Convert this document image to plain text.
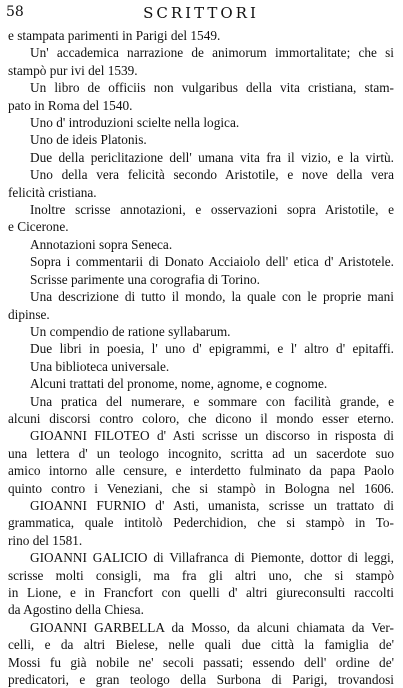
58	SCRITTORI
e stampata parimenti in Parigi del 1549.
Un' accademica narrazione de animorum immortalitate; che si
stampò pur ivi del 1539.
Un libro de officiis non vulgaribus della vita cristiana, stam-
pato in Roma del 1540.
Uno d' introduzioni scielte nella logica.
Uno de ideis Platonis.
Due della periclitazione dell' umana vita fra il vizio, e la virtù.
Uno della vera felicità secondo Aristotile, e nove della vera
felicità cristiana.
Inoltre scrisse annotazioni, e osservazioni sopra Aristotile, e
e Cicerone.
Annotazioni sopra Seneca.
Sopra i commentarii di Donato Acciaiolo dell' etica d' Aristotele.
Scrisse parimente una corografia di Torino.
Una descrizione di tutto il mondo, la quale con le proprie mani
dipinse.
Un compendio de ratione syllabarum.
Due libri in poesia, l' uno d' epigrammi, e l' altro d' epitaffi.
Una biblioteca universale.
Alcuni trattati del pronome, nome, agnome, e cognome.
Una pratica del numerare, e sommare con facilità grande, e
alcuni discorsi contro coloro, che dicono il mondo esser eterno.
GIOANNI FILOTEO d' Asti scrisse un discorso in risposta di
una lettera d' un teologo incognito, scritta ad un sacerdote suo
amico intorno alle censure, e interdetto fulminato da papa Paolo
quinto contro i Veneziani, che si stampò in Bologna nel 1606.
GIOANNI FURNIO d' Asti, umanista, scrisse un trattato di
grammatica, quale intitolò Pederchidion, che si stampò in To-
rino del 1581.
GIOANNI GALICIO di Villafranca di Piemonte, dottor di leggi,
scrisse molti consigli, ma fra gli altri uno, che si stampò
in Lione, e in Francfort con quelli d' altri giureconsulti raccolti
da Agostino della Chiesa.
GIOANNI GARBELLA da Mosso, da alcuni chiamata da Ver-
celli, e da altri Bielese, nelle quali due città la famiglia de'
Mossi fu già nobile ne' secoli passati; essendo dell' ordine de'
predicatori, e gran teologo della Surbona di Parigi, trovandosi
